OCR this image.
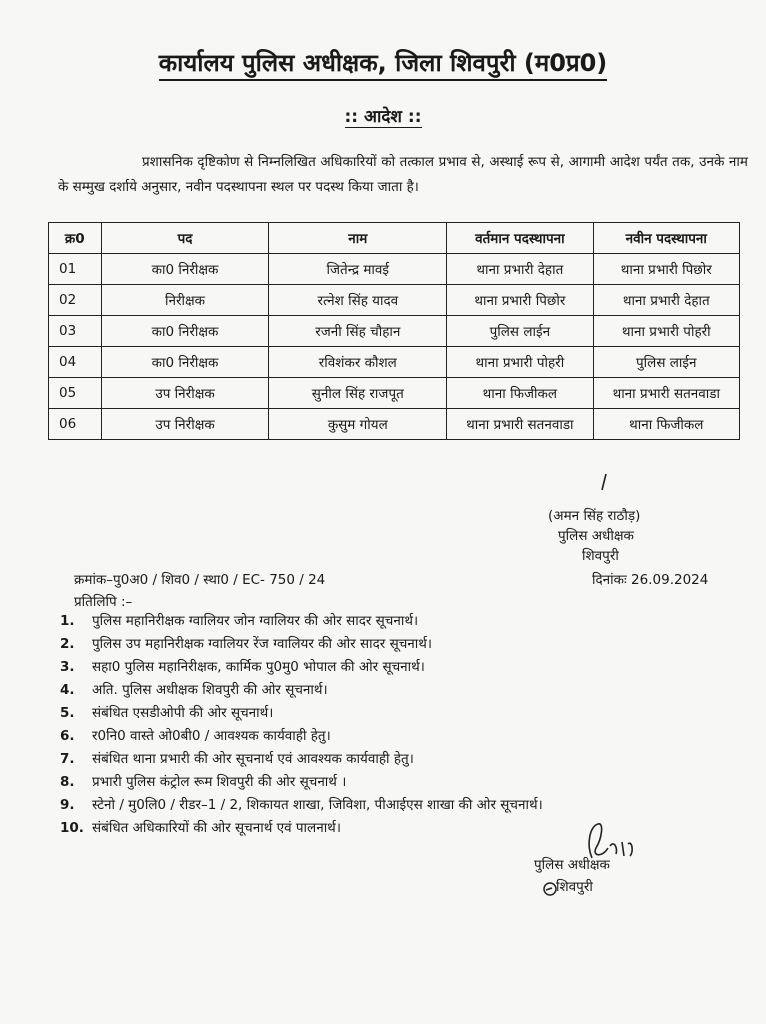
कार्यालय पुलिस अधीक्षक, जिला शिवपुरी (म0प्र0)
:: आदेश ::
प्रशासनिक दृष्टिकोण से निम्नलिखित अधिकारियों को तत्काल प्रभाव से, अस्थाई रूप से, आगामी आदेश पर्यंत तक, उनके नाम के सम्मुख दर्शाये अनुसार, नवीन पदस्थापना स्थल पर पदस्थ किया जाता है।
क्र0	पद	नाम	वर्तमान पदस्थापना	नवीन पदस्थापना
01	का0 निरीक्षक	जितेन्द्र मावई	थाना प्रभारी देहात	थाना प्रभारी पिछोर
02	निरीक्षक	रत्नेश सिंह यादव	थाना प्रभारी पिछोर	थाना प्रभारी देहात
03	का0 निरीक्षक	रजनी सिंह चौहान	पुलिस लाईन	थाना प्रभारी पोहरी
04	का0 निरीक्षक	रविशंकर कौशल	थाना प्रभारी पोहरी	पुलिस लाईन
05	उप निरीक्षक	सुनील सिंह राजपूत	थाना फिजीकल	थाना प्रभारी सतनवाडा
06	उप निरीक्षक	कुसुम गोयल	थाना प्रभारी सतनवाडा	थाना फिजीकल
(अमन सिंह राठौड़)
पुलिस अधीक्षक
शिवपुरी
क्रमांक–पु0अ0 / शिव0 / स्था0 / EC- 750 / 24	दिनांकः 26.09.2024
प्रतिलिपि :–
1.	पुलिस महानिरीक्षक ग्वालियर जोन ग्वालियर की ओर सादर सूचनार्थ।
2.	पुलिस उप महानिरीक्षक ग्वालियर रेंज ग्वालियर की ओर सादर सूचनार्थ।
3.	सहा0 पुलिस महानिरीक्षक, कार्मिक पु0मु0 भोपाल की ओर सूचनार्थ।
4.	अति. पुलिस अधीक्षक शिवपुरी की ओर सूचनार्थ।
5.	संबंधित एसडीओपी की ओर सूचनार्थ।
6.	र0नि0 वास्ते ओ0बी0 / आवश्यक कार्यवाही हेतु।
7.	संबंधित थाना प्रभारी की ओर सूचनार्थ एवं आवश्यक कार्यवाही हेतु।
8.	प्रभारी पुलिस कंट्रोल रूम शिवपुरी की ओर सूचनार्थ ।
9.	स्टेनो / मु0लि0 / रीडर–1 / 2, शिकायत शाखा, जिविशा, पीआईएस शाखा की ओर सूचनार्थ।
10. संबंधित अधिकारियों की ओर सूचनार्थ एवं पालनार्थ।
पुलिस अधीक्षक
शिवपुरी
